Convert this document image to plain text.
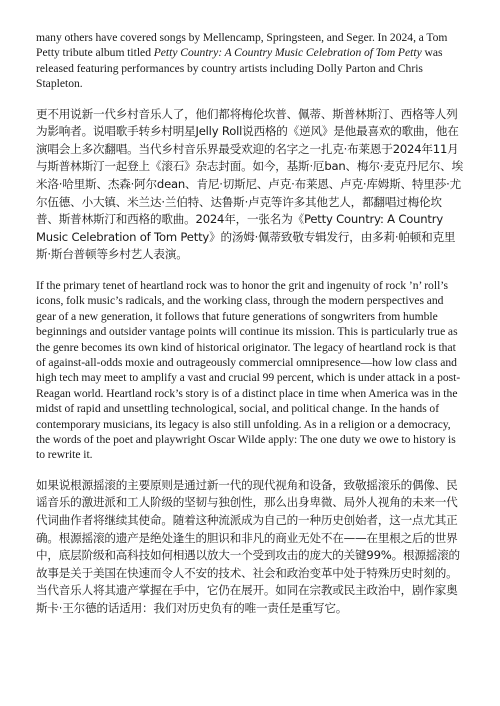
many others have covered songs by Mellencamp, Springsteen, and Seger. In 2024, a Tom Petty tribute album titled Petty Country: A Country Music Celebration of Tom Petty was released featuring performances by country artists including Dolly Parton and Chris Stapleton.

更不用说新一代乡村音乐人了，他们都将梅伦坎普、佩蒂、斯普林斯汀、西格等人列为影响者。说唱歌手转乡村明星Jelly Roll说西格的《逆风》是他最喜欢的歌曲，他在演唱会上多次翻唱。当代乡村音乐界最受欢迎的名字之一扎克·布莱恩于2024年11月与斯普林斯汀一起登上《滚石》杂志封面。如今，基斯·厄ban、梅尔·麦克丹尼尔、埃米洛·哈里斯、杰森·阿尔dean、肯尼·切斯尼、卢克·布莱恩、卢克·库姆斯、特里莎·尤尔伍德、小大镇、米兰达·兰伯特、达鲁斯·卢克等许多其他艺人，都翻唱过梅伦坎普、斯普林斯汀和西格的歌曲。2024年，一张名为《Petty Country: A Country Music Celebration of Tom Petty》的汤姆·佩蒂致敬专辑发行，由多莉·帕顿和克里斯·斯台普顿等乡村艺人表演。

If the primary tenet of heartland rock was to honor the grit and ingenuity of rock ’n’ roll’s icons, folk music’s radicals, and the working class, through the modern perspectives and gear of a new generation, it follows that future generations of songwriters from humble beginnings and outsider vantage points will continue its mission. This is particularly true as the genre becomes its own kind of historical originator. The legacy of heartland rock is that of against-all-odds moxie and outrageously commercial omnipresence—how low class and high tech may meet to amplify a vast and crucial 99 percent, which is under attack in a post-Reagan world. Heartland rock’s story is of a distinct place in time when America was in the midst of rapid and unsettling technological, social, and political change. In the hands of contemporary musicians, its legacy is also still unfolding. As in a religion or a democracy, the words of the poet and playwright Oscar Wilde apply: The one duty we owe to history is to rewrite it.

如果说根源摇滚的主要原则是通过新一代的现代视角和设备，致敬摇滚乐的偶像、民谣音乐的激进派和工人阶级的坚韧与独创性，那么出身卑微、局外人视角的未来一代代词曲作者将继续其使命。随着这种流派成为自己的一种历史创始者，这一点尤其正确。根源摇滚的遗产是绝处逢生的胆识和非凡的商业无处不在——在里根之后的世界中，底层阶级和高科技如何相遇以放大一个受到攻击的庞大的关键99%。根源摇滚的故事是关于美国在快速而令人不安的技术、社会和政治变革中处于特殊历史时刻的。当代音乐人将其遗产掌握在手中，它仍在展开。如同在宗教或民主政治中，剧作家奥斯卡·王尔德的话适用：我们对历史负有的唯一责任是重写它。
